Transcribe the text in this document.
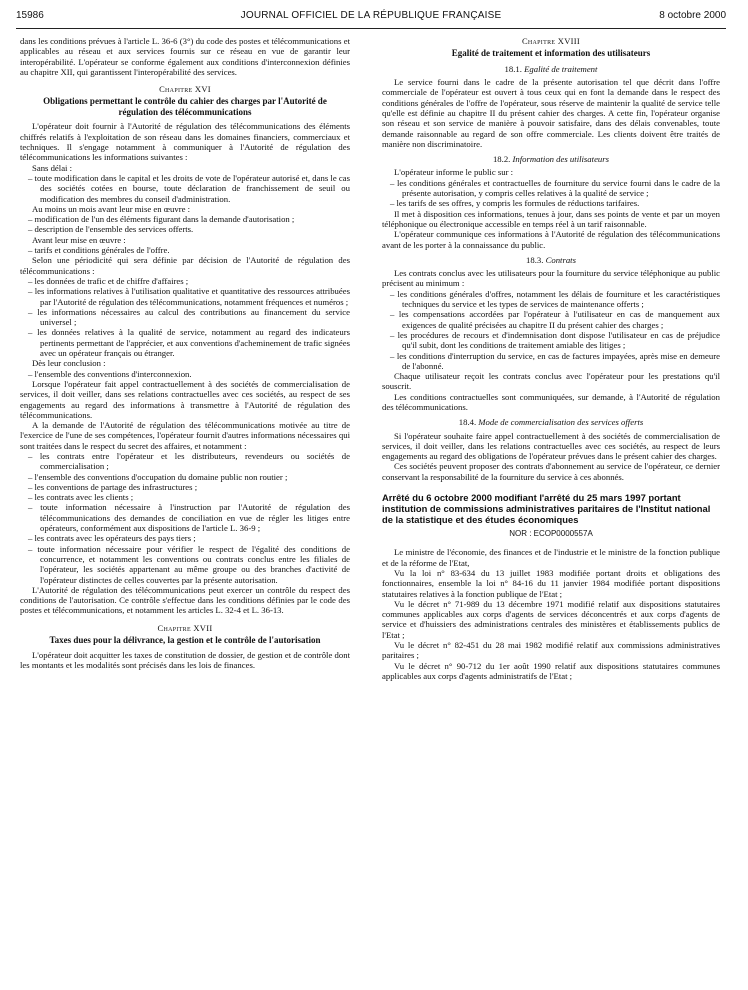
15986	JOURNAL OFFICIEL DE LA RÉPUBLIQUE FRANÇAISE	8 octobre 2000

dans les conditions prévues à l'article L. 36-6 (3°) du code des postes et télécommunications et applicables au réseau et aux services fournis sur ce réseau en vue de garantir leur interopérabilité. L'opérateur se conforme également aux conditions d'interconnexion définies au chapitre XII, qui garantissent l'interopérabilité des services.

Chapitre XVI
Obligations permettant le contrôle du cahier des charges par l'Autorité de régulation des télécommunications

L'opérateur doit fournir à l'Autorité de régulation des télécommunications des éléments chiffrés relatifs à l'exploitation de son réseau dans les domaines financiers, commerciaux et techniques. Il s'engage notamment à communiquer à l'Autorité de régulation des télécommunications les informations suivantes :

Sans délai :

– toute modification dans le capital et les droits de vote de l'opérateur autorisé et, dans le cas des sociétés cotées en bourse, toute déclaration de franchissement de seuil ou modification des membres du conseil d'administration.

Au moins un mois avant leur mise en œuvre :

– modification de l'un des éléments figurant dans la demande d'autorisation ;
– description de l'ensemble des services offerts.

Avant leur mise en œuvre :

– tarifs et conditions générales de l'offre.

Selon une périodicité qui sera définie par décision de l'Autorité de régulation des télécommunications :

– les données de trafic et de chiffre d'affaires ;
– les informations relatives à l'utilisation qualitative et quantitative des ressources attribuées par l'Autorité de régulation des télécommunications, notamment fréquences et numéros ;
– les informations nécessaires au calcul des contributions au financement du service universel ;
– les données relatives à la qualité de service, notamment au regard des indicateurs pertinents permettant de l'apprécier, et aux conventions d'acheminement de trafic signées avec un opérateur français ou étranger.

Dès leur conclusion :

– l'ensemble des conventions d'interconnexion.

Lorsque l'opérateur fait appel contractuellement à des sociétés de commercialisation de services, il doit veiller, dans ses relations contractuelles avec ces sociétés, au respect de ses engagements au regard des informations à transmettre à l'Autorité de régulation des télécommunications.

A la demande de l'Autorité de régulation des télécommunications motivée au titre de l'exercice de l'une de ses compétences, l'opérateur fournit d'autres informations nécessaires qui sont traitées dans le respect du secret des affaires, et notamment :

– les contrats entre l'opérateur et les distributeurs, revendeurs ou sociétés de commercialisation ;
– l'ensemble des conventions d'occupation du domaine public non routier ;
– les conventions de partage des infrastructures ;
– les contrats avec les clients ;
– toute information nécessaire à l'instruction par l'Autorité de régulation des télécommunications des demandes de conciliation en vue de régler les litiges entre opérateurs, conformément aux dispositions de l'article L. 36-9 ;
– les contrats avec les opérateurs des pays tiers ;
– toute information nécessaire pour vérifier le respect de l'égalité des conditions de concurrence, et notamment les conventions ou contrats conclus entre les filiales de l'opérateur, les sociétés appartenant au même groupe ou des branches d'activité de l'opérateur distinctes de celles couvertes par la présente autorisation.

L'Autorité de régulation des télécommunications peut exercer un contrôle du respect des conditions de l'autorisation. Ce contrôle s'effectue dans les conditions définies par le code des postes et télécommunications, et notamment les articles L. 32-4 et L. 36-13.

Chapitre XVII
Taxes dues pour la délivrance, la gestion et le contrôle de l'autorisation

L'opérateur doit acquitter les taxes de constitution de dossier, de gestion et de contrôle dont les montants et les modalités sont précisés dans les lois de finances.

Chapitre XVIII
Egalité de traitement et information des utilisateurs
18.1. Egalité de traitement

Le service fourni dans le cadre de la présente autorisation tel que décrit dans l'offre commerciale de l'opérateur est ouvert à tous ceux qui en font la demande dans le respect des conditions générales de l'offre de l'opérateur, sous réserve de maintenir la qualité de service telle qu'elle est définie au chapitre II du présent cahier des charges. A cette fin, l'opérateur organise son réseau et son service de manière à pouvoir satisfaire, dans des délais convenables, toute demande raisonnable au regard de son offre commerciale. Les clients doivent être traités de manière non discriminatoire.

18.2. Information des utilisateurs

L'opérateur informe le public sur :

– les conditions générales et contractuelles de fourniture du service fourni dans le cadre de la présente autorisation, y compris celles relatives à la qualité de service ;
– les tarifs de ses offres, y compris les formules de réductions tarifaires.

Il met à disposition ces informations, tenues à jour, dans ses points de vente et par un moyen téléphonique ou électronique accessible en temps réel à un tarif raisonnable.

L'opérateur communique ces informations à l'Autorité de régulation des télécommunications avant de les porter à la connaissance du public.

18.3. Contrats

Les contrats conclus avec les utilisateurs pour la fourniture du service téléphonique au public précisent au minimum :

– les conditions générales d'offres, notamment les délais de fourniture et les caractéristiques techniques du service et les types de services de maintenance offerts ;
– les compensations accordées par l'opérateur à l'utilisateur en cas de manquement aux exigences de qualité précisées au chapitre II du présent cahier des charges ;
– les procédures de recours et d'indemnisation dont dispose l'utilisateur en cas de préjudice qu'il subit, dont les conditions de traitement amiable des litiges ;
– les conditions d'interruption du service, en cas de factures impayées, après mise en demeure de l'abonné.

Chaque utilisateur reçoit les contrats conclus avec l'opérateur pour les prestations qu'il souscrit.

Les conditions contractuelles sont communiquées, sur demande, à l'Autorité de régulation des télécommunications.

18.4. Mode de commercialisation des services offerts

Si l'opérateur souhaite faire appel contractuellement à des sociétés de commercialisation de services, il doit veiller, dans les relations contractuelles avec ces sociétés, au respect de leurs engagements au regard des obligations de l'opérateur prévues dans le présent cahier des charges.

Ces sociétés peuvent proposer des contrats d'abonnement au service de l'opérateur, ce dernier conservant la responsabilité de la fourniture du service à ces abonnés.

Arrêté du 6 octobre 2000 modifiant l'arrêté du 25 mars 1997 portant institution de commissions administratives paritaires de l'Institut national de la statistique et des études économiques
NOR : ECOP0000557A

Le ministre de l'économie, des finances et de l'industrie et le ministre de la fonction publique et de la réforme de l'Etat,

Vu la loi n° 83-634 du 13 juillet 1983 modifiée portant droits et obligations des fonctionnaires, ensemble la loi n° 84-16 du 11 janvier 1984 modifiée portant dispositions statutaires relatives à la fonction publique de l'Etat ;

Vu le décret n° 71-989 du 13 décembre 1971 modifié relatif aux dispositions statutaires communes applicables aux corps d'agents de services déconcentrés et aux corps d'agents de service et d'huissiers des administrations centrales des ministères et établissements publics de l'Etat ;

Vu le décret n° 82-451 du 28 mai 1982 modifié relatif aux commissions administratives paritaires ;

Vu le décret n° 90-712 du 1er août 1990 relatif aux dispositions statutaires communes applicables aux corps d'agents administratifs de l'Etat ;
